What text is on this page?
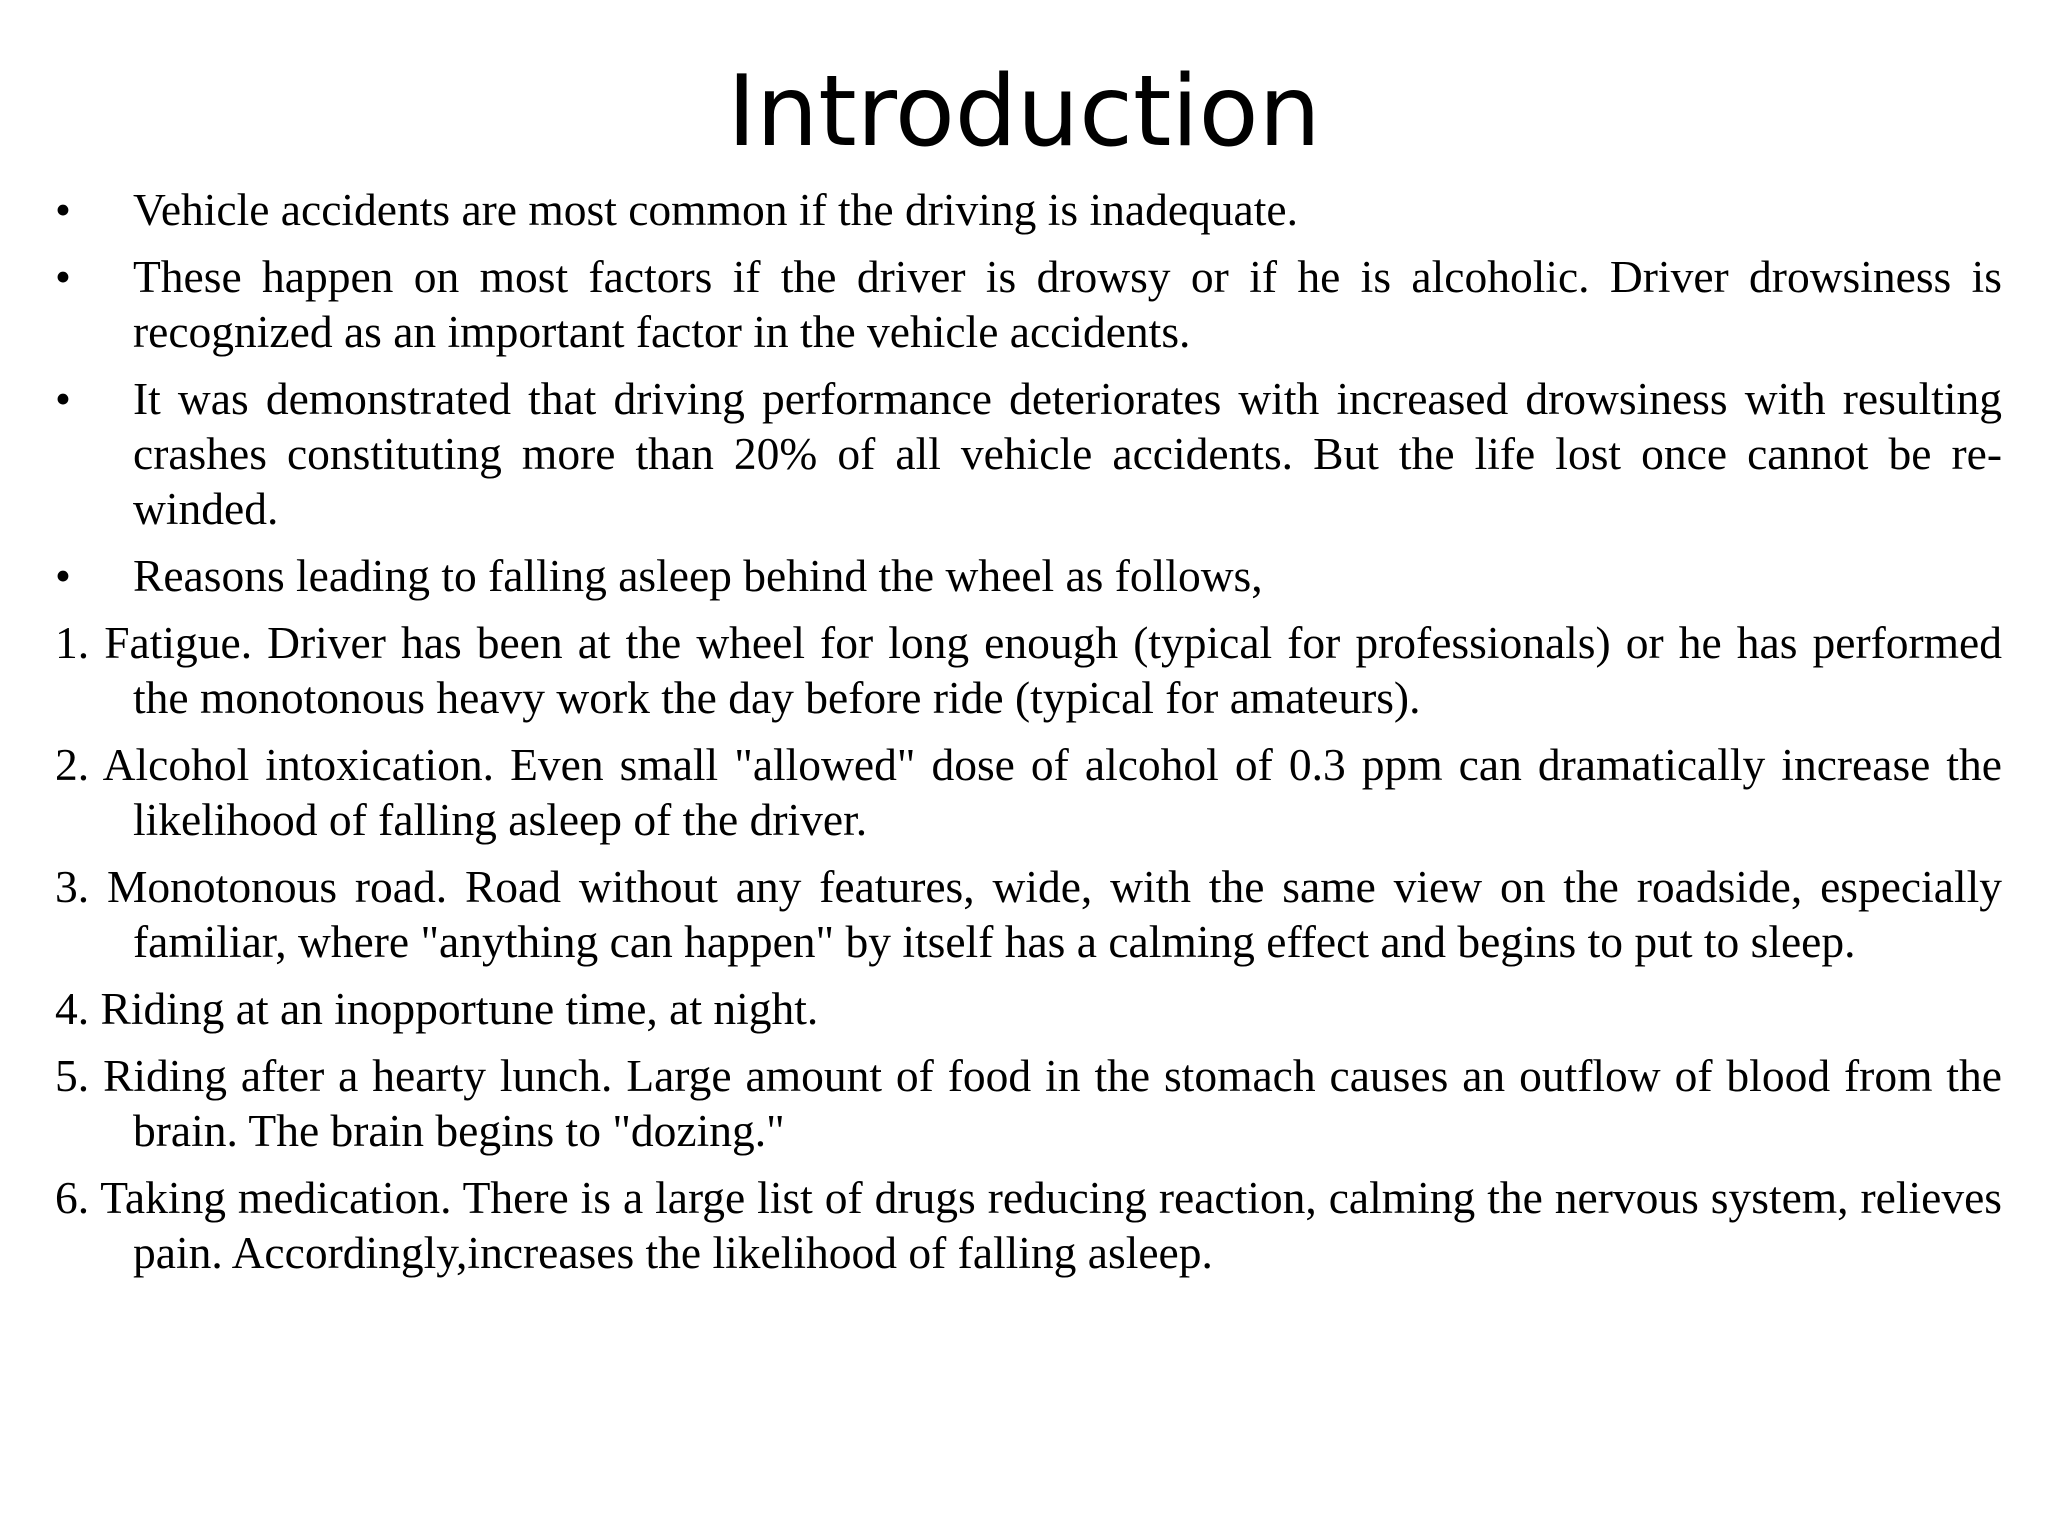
Introduction

•	Vehicle accidents are most common if the driving is inadequate.

•	These happen on most factors if the driver is drowsy or if he is alcoholic. Driver drowsiness is recognized as an important factor in the vehicle accidents.

•	It was demonstrated that driving performance deteriorates with increased drowsiness with resulting crashes constituting more than 20% of all vehicle accidents. But the life lost once cannot be re-winded.

•	Reasons leading to falling asleep behind the wheel as follows,

1. Fatigue. Driver has been at the wheel for long enough (typical for professionals) or he has performed the monotonous heavy work the day before ride (typical for amateurs).

2. Alcohol intoxication. Even small "allowed" dose of alcohol of 0.3 ppm can dramatically increase the likelihood of falling asleep of the driver.

3. Monotonous road. Road without any features, wide, with the same view on the roadside, especially familiar, where "anything can happen" by itself has a calming effect and begins to put to sleep.

4. Riding at an inopportune time, at night.

5. Riding after a hearty lunch. Large amount of food in the stomach causes an outflow of blood from the brain. The brain begins to "dozing."

6. Taking medication. There is a large list of drugs reducing reaction, calming the nervous system, relieves pain. Accordingly,increases the likelihood of falling asleep.
